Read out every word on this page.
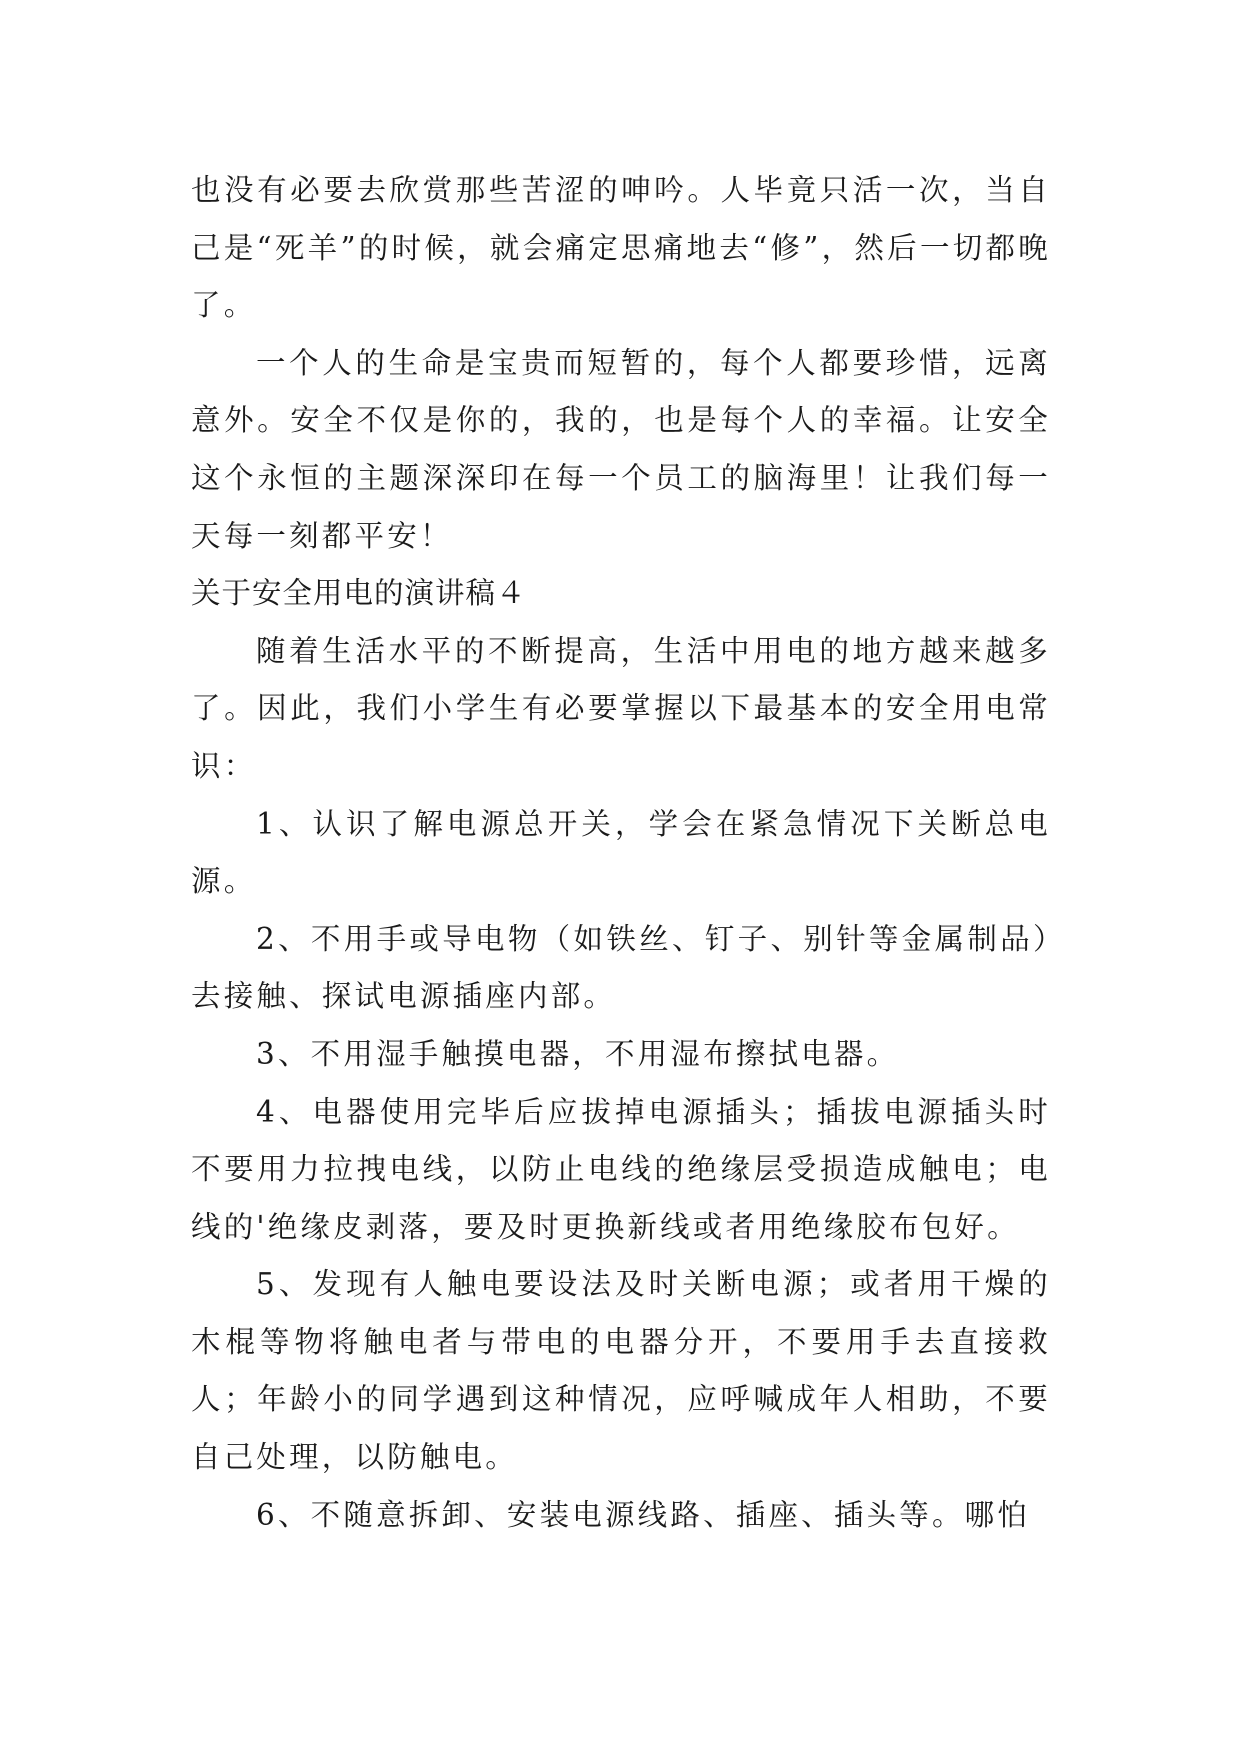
也没有必要去欣赏那些苦涩的呻吟。人毕竟只活一次，当自己是“死羊”的时候，就会痛定思痛地去“修”，然后一切都晚了。

一个人的生命是宝贵而短暂的，每个人都要珍惜，远离意外。安全不仅是你的，我的，也是每个人的幸福。让安全这个永恒的主题深深印在每一个员工的脑海里！让我们每一天每一刻都平安！

关于安全用电的演讲稿４

随着生活水平的不断提高，生活中用电的地方越来越多了。因此，我们小学生有必要掌握以下最基本的安全用电常识：

1、认识了解电源总开关，学会在紧急情况下关断总电源。

2、不用手或导电物（如铁丝、钉子、别针等金属制品）去接触、探试电源插座内部。

3、不用湿手触摸电器，不用湿布擦拭电器。

4、电器使用完毕后应拔掉电源插头；插拔电源插头时不要用力拉拽电线，以防止电线的绝缘层受损造成触电；电线的'绝缘皮剥落，要及时更换新线或者用绝缘胶布包好。

5、发现有人触电要设法及时关断电源；或者用干燥的木棍等物将触电者与带电的电器分开，不要用手去直接救人；年龄小的同学遇到这种情况，应呼喊成年人相助，不要自己处理，以防触电。

6、不随意拆卸、安装电源线路、插座、插头等。哪怕
